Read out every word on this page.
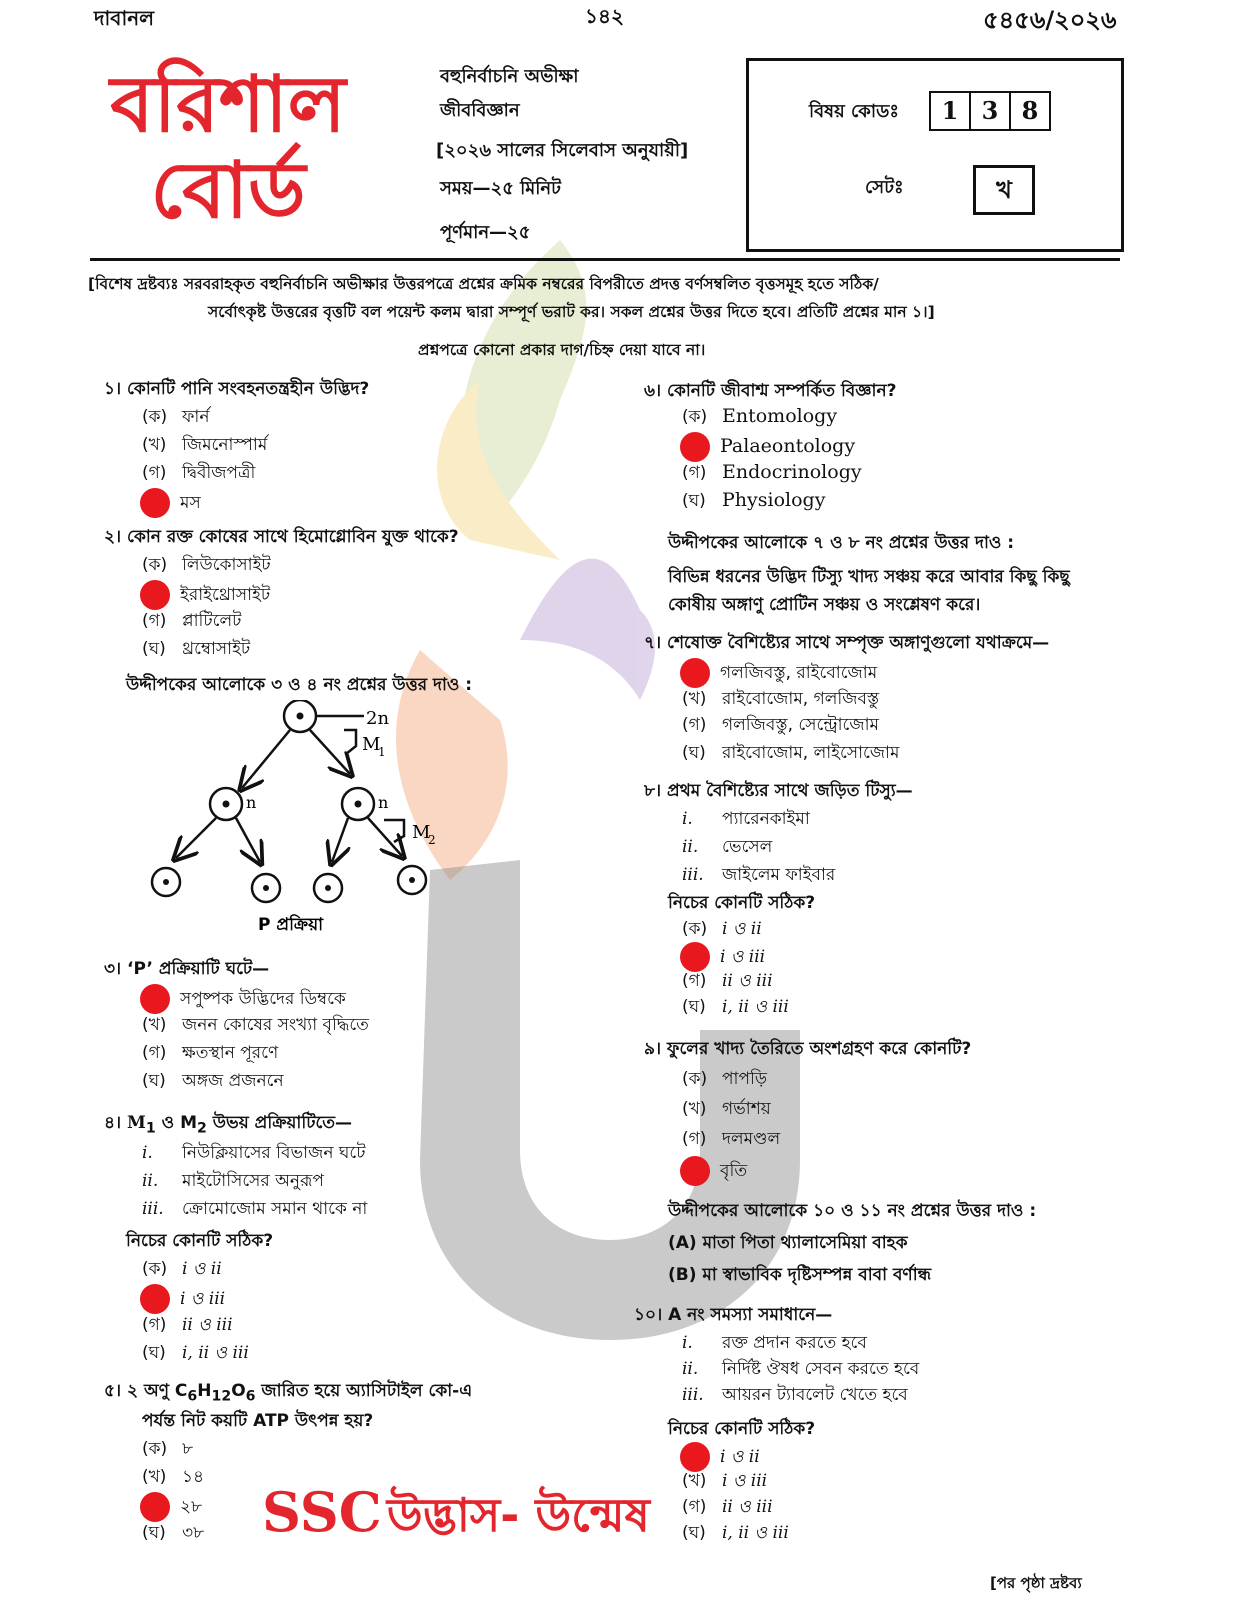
দাবানল	১৪২	৫৪৫৬/২০২৬
বরিশাল
বোর্ড
বহুনির্বাচনি অভীক্ষা
জীববিজ্ঞান
[২০২৬ সালের সিলেবাস অনুযায়ী]
সময়—২৫ মিনিট
পূর্ণমান—২৫
বিষয় কোডঃ	1 3 8
সেটঃ	খ
[বিশেষ দ্রষ্টব্যঃ সরবরাহকৃত বহুনির্বাচনি অভীক্ষার উত্তরপত্রে প্রশ্নের ক্রমিক নম্বরের বিপরীতে প্রদত্ত বর্ণসম্বলিত বৃত্তসমূহ হতে সঠিক/
সর্বোৎকৃষ্ট উত্তরের বৃত্তটি বল পয়েন্ট কলম দ্বারা সম্পূর্ণ ভরাট কর। সকল প্রশ্নের উত্তর দিতে হবে। প্রতিটি প্রশ্নের মান ১।]
প্রশ্নপত্রে কোনো প্রকার দাগ/চিহ্ন দেয়া যাবে না।
১। কোনটি পানি সংবহনতন্ত্রহীন উদ্ভিদ?
(ক) ফার্ন
(খ) জিমনোস্পার্ম
(গ) দ্বিবীজপত্রী
মস
২। কোন রক্ত কোষের সাথে হিমোগ্লোবিন যুক্ত থাকে?
(ক) লিউকোসাইট
ইরাইথ্রোসাইট
(গ) প্লাটিলেট
(ঘ) থ্রম্বোসাইট
উদ্দীপকের আলোকে ৩ ও ৪ নং প্রশ্নের উত্তর দাও :
2n
M
1
n	n
M
2
P প্রক্রিয়া
৩। ‘P’ প্রক্রিয়াটি ঘটে—
সপুষ্পক উদ্ভিদের ডিম্বকে
(খ) জনন কোষের সংখ্যা বৃদ্ধিতে
(গ) ক্ষতস্থান পূরণে
(ঘ) অঙ্গজ প্রজননে
৪। $M_1$ ও $M_2$ উভয় প্রক্রিয়াটিতে—
i. নিউক্লিয়াসের বিভাজন ঘটে
ii. মাইটোসিসের অনুরূপ
iii. ক্রোমোজোম সমান থাকে না
নিচের কোনটি সঠিক?
(ক) i ও ii
i ও iii
(গ) ii ও iii
(ঘ) i, ii ও iii
৫। ২ অণু $C_6H_{12}O_6$ জারিত হয়ে অ্যাসিটাইল কো-এ
পর্যন্ত নিট কয়টি ATP উৎপন্ন হয়?
(ক) ৮
(খ) ১৪
২৮
(ঘ) ৩৮ SSC উদ্ভাস- উন্মেষ
৬। কোনটি জীবাশ্ম সম্পর্কিত বিজ্ঞান?
(ক) Entomology
Palaeontology
(গ) Endocrinology
(ঘ) Physiology
উদ্দীপকের আলোকে ৭ ও ৮ নং প্রশ্নের উত্তর দাও :
বিভিন্ন ধরনের উদ্ভিদ টিস্যু খাদ্য সঞ্চয় করে আবার কিছু কিছু
কোষীয় অঙ্গাণু প্রোটিন সঞ্চয় ও সংশ্লেষণ করে।
৭। শেষোক্ত বৈশিষ্ট্যের সাথে সম্পৃক্ত অঙ্গাণুগুলো যথাক্রমে—
গলজিবস্তু, রাইবোজোম
(খ) রাইবোজোম, গলজিবস্তু
(গ) গলজিবস্তু, সেন্ট্রোজোম
(ঘ) রাইবোজোম, লাইসোজোম
৮। প্রথম বৈশিষ্ট্যের সাথে জড়িত টিস্যু—
i. প্যারেনকাইমা
ii. ভেসেল
iii. জাইলেম ফাইবার
নিচের কোনটি সঠিক?
(ক) i ও ii
i ও iii
(গ) ii ও iii
(ঘ) i, ii ও iii
৯। ফুলের খাদ্য তৈরিতে অংশগ্রহণ করে কোনটি?
(ক) পাপড়ি
(খ) গর্ভাশয়
(গ) দলমণ্ডল
বৃতি
উদ্দীপকের আলোকে ১০ ও ১১ নং প্রশ্নের উত্তর দাও :
(A) মাতা পিতা থ্যালাসেমিয়া বাহক
(B) মা স্বাভাবিক দৃষ্টিসম্পন্ন বাবা বর্ণান্ধ
১০। A নং সমস্যা সমাধানে—
i. রক্ত প্রদান করতে হবে
ii. নির্দিষ্ট ঔষধ সেবন করতে হবে
iii. আয়রন ট্যাবলেট খেতে হবে
নিচের কোনটি সঠিক?
i ও ii
(খ) i ও iii
(গ) ii ও iii
(ঘ) i, ii ও iii
[পর পৃষ্ঠা দ্রষ্টব্য
